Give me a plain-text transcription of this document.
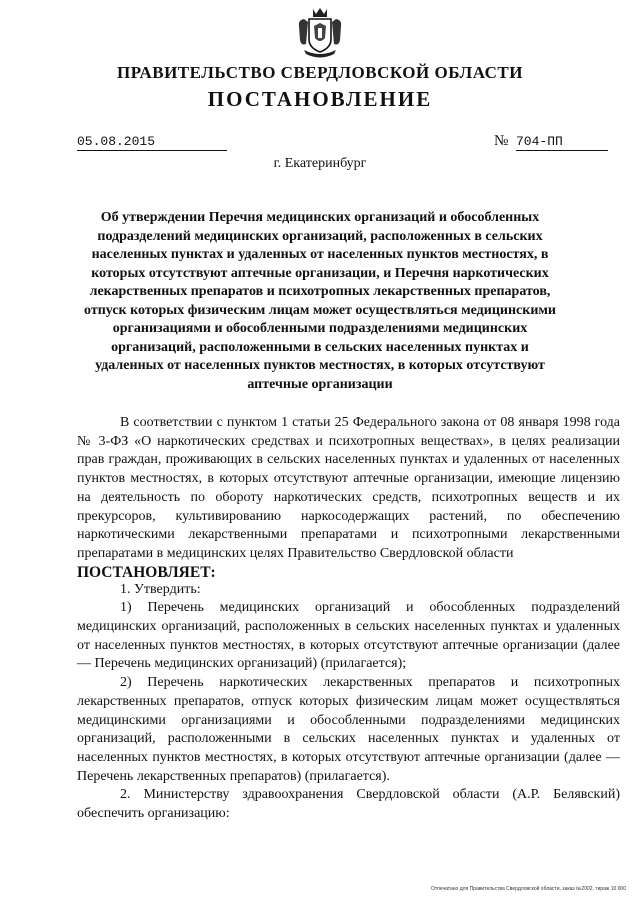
ПРАВИТЕЛЬСТВО СВЕРДЛОВСКОЙ ОБЛАСТИ
ПОСТАНОВЛЕНИЕ
05.08.2015	№ 704-ПП
г. Екатеринбург
Об утверждении Перечня медицинских организаций и обособленных подразделений медицинских организаций, расположенных в сельских населенных пунктах и удаленных от населенных пунктов местностях, в которых отсутствуют аптечные организации, и Перечня наркотических лекарственных препаратов и психотропных лекарственных препаратов, отпуск которых физическим лицам может осуществляться медицинскими организациями и обособленными подразделениями медицинских организаций, расположенными в сельских населенных пунктах и удаленных от населенных пунктов местностях, в которых отсутствуют аптечные организации

В соответствии с пунктом 1 статьи 25 Федерального закона от 08 января 1998 года № 3-ФЗ «О наркотических средствах и психотропных веществах», в целях реализации прав граждан, проживающих в сельских населенных пунктах и удаленных от населенных пунктов местностях, в которых отсутствуют аптечные организации, имеющие лицензию на деятельность по обороту наркотических средств, психотропных веществ и их прекурсоров, культивированию наркосодержащих растений, по обеспечению наркотическими лекарственными препаратами и психотропными лекарственными препаратами в медицинских целях Правительство Свердловской области

ПОСТАНОВЛЯЕТ:

1. Утвердить:

1) Перечень медицинских организаций и обособленных подразделений медицинских организаций, расположенных в сельских населенных пунктах и удаленных от населенных пунктов местностях, в которых отсутствуют аптечные организации (далее — Перечень медицинских организаций) (прилагается);

2) Перечень наркотических лекарственных препаратов и психотропных лекарственных препаратов, отпуск которых физическим лицам может осуществляться медицинскими организациями и обособленными подразделениями медицинских организаций, расположенными в сельских населенных пунктах и удаленных от населенных пунктов местностях, в которых отсутствуют аптечные организации (далее — Перечень лекарственных препаратов) (прилагается).

2. Министерству здравоохранения Свердловской области (А.Р. Белявский) обеспечить организацию:

Отпечатано для Правительства Свердловской области, заказ №2002, тираж 10 000
